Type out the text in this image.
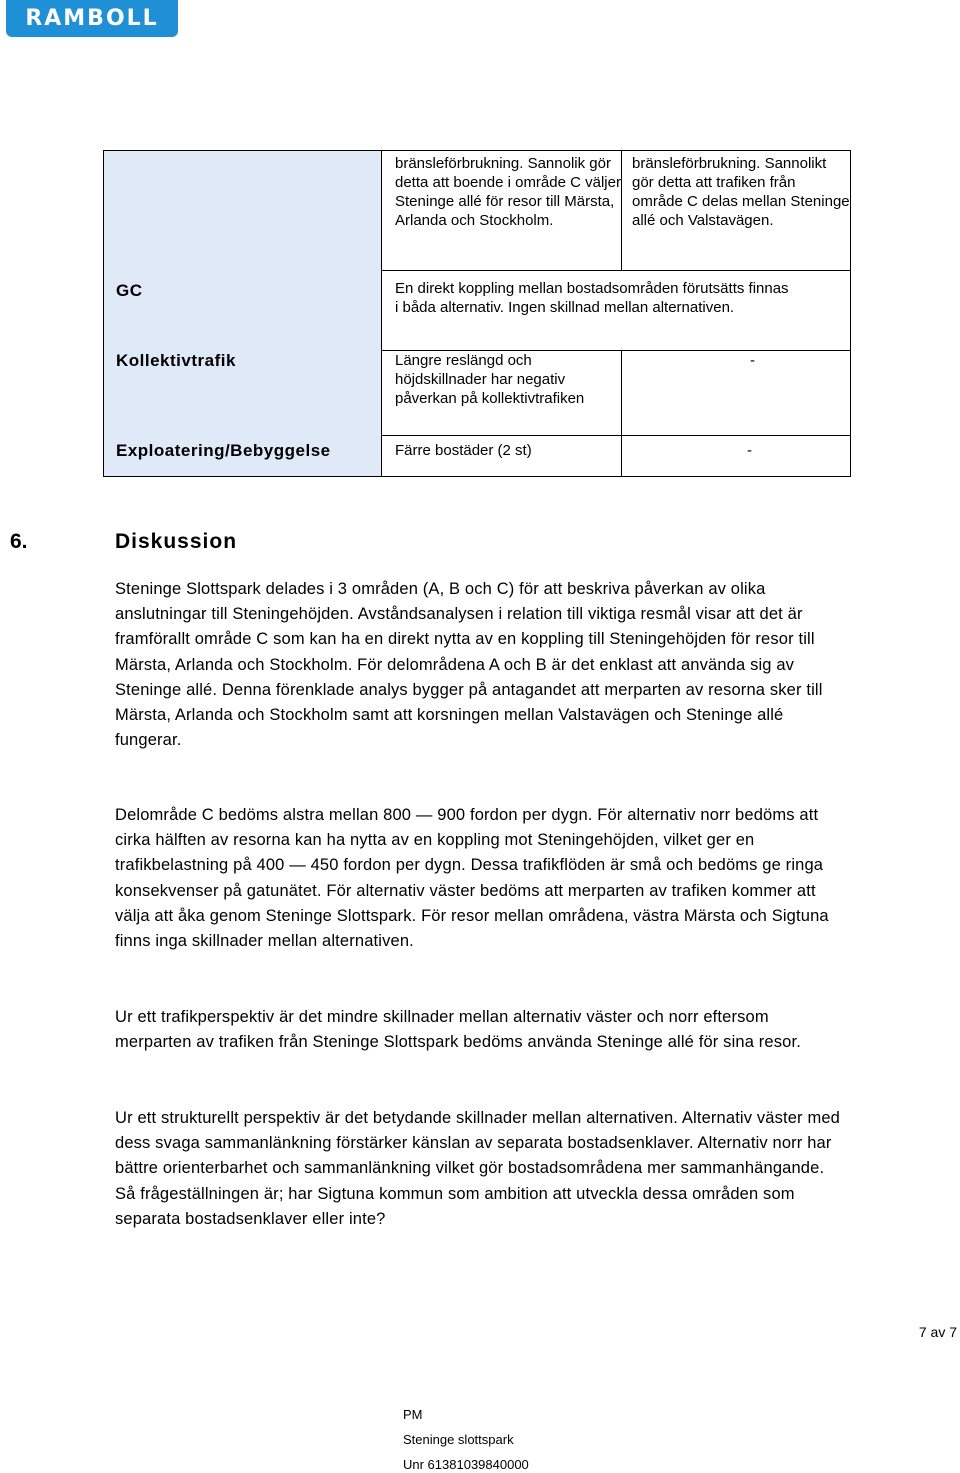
RAMBOLL
	bränsleförbrukning. Sannolik gör detta att boende i område C väljer Steninge allé för resor till Märsta, Arlanda och Stockholm.	bränsleförbrukning. Sannolikt gör detta att trafiken från område C delas mellan Steninge allé och Valstavägen.
GC	En direkt koppling mellan bostadsområden förutsätts finnas i båda alternativ. Ingen skillnad mellan alternativen.	
Kollektivtrafik	Längre reslängd och höjdskillnader har negativ påverkan på kollektivtrafiken	-
Exploatering/Bebyggelse	Färre bostäder (2 st)	-
6.	Diskussion

Steninge Slottspark delades i 3 områden (A, B och C) för att beskriva påverkan av olika anslutningar till Steningehöjden. Avståndsanalysen i relation till viktiga resmål visar att det är framförallt område C som kan ha en direkt nytta av en koppling till Steningehöjden för resor till Märsta, Arlanda och Stockholm. För delområdena A och B är det enklast att använda sig av Steninge allé. Denna förenklade analys bygger på antagandet att merparten av resorna sker till Märsta, Arlanda och Stockholm samt att korsningen mellan Valstavägen och Steninge allé fungerar.

Delområde C bedöms alstra mellan 800 — 900 fordon per dygn. För alternativ norr bedöms att cirka hälften av resorna kan ha nytta av en koppling mot Steningehöjden, vilket ger en trafikbelastning på 400 — 450 fordon per dygn. Dessa trafikflöden är små och bedöms ge ringa konsekvenser på gatunätet. För alternativ väster bedöms att merparten av trafiken kommer att välja att åka genom Steninge Slottspark. För resor mellan områdena, västra Märsta och Sigtuna finns inga skillnader mellan alternativen.

Ur ett trafikperspektiv är det mindre skillnader mellan alternativ väster och norr eftersom merparten av trafiken från Steninge Slottspark bedöms använda Steninge allé för sina resor.

Ur ett strukturellt perspektiv är det betydande skillnader mellan alternativen. Alternativ väster med dess svaga sammanlänkning förstärker känslan av separata bostadsenklaver. Alternativ norr har bättre orienterbarhet och sammanlänkning vilket gör bostadsområdena mer sammanhängande. Så frågeställningen är; har Sigtuna kommun som ambition att utveckla dessa områden som separata bostadsenklaver eller inte?

7 av 7
PM
Steninge slottspark
Unr 61381039840000
